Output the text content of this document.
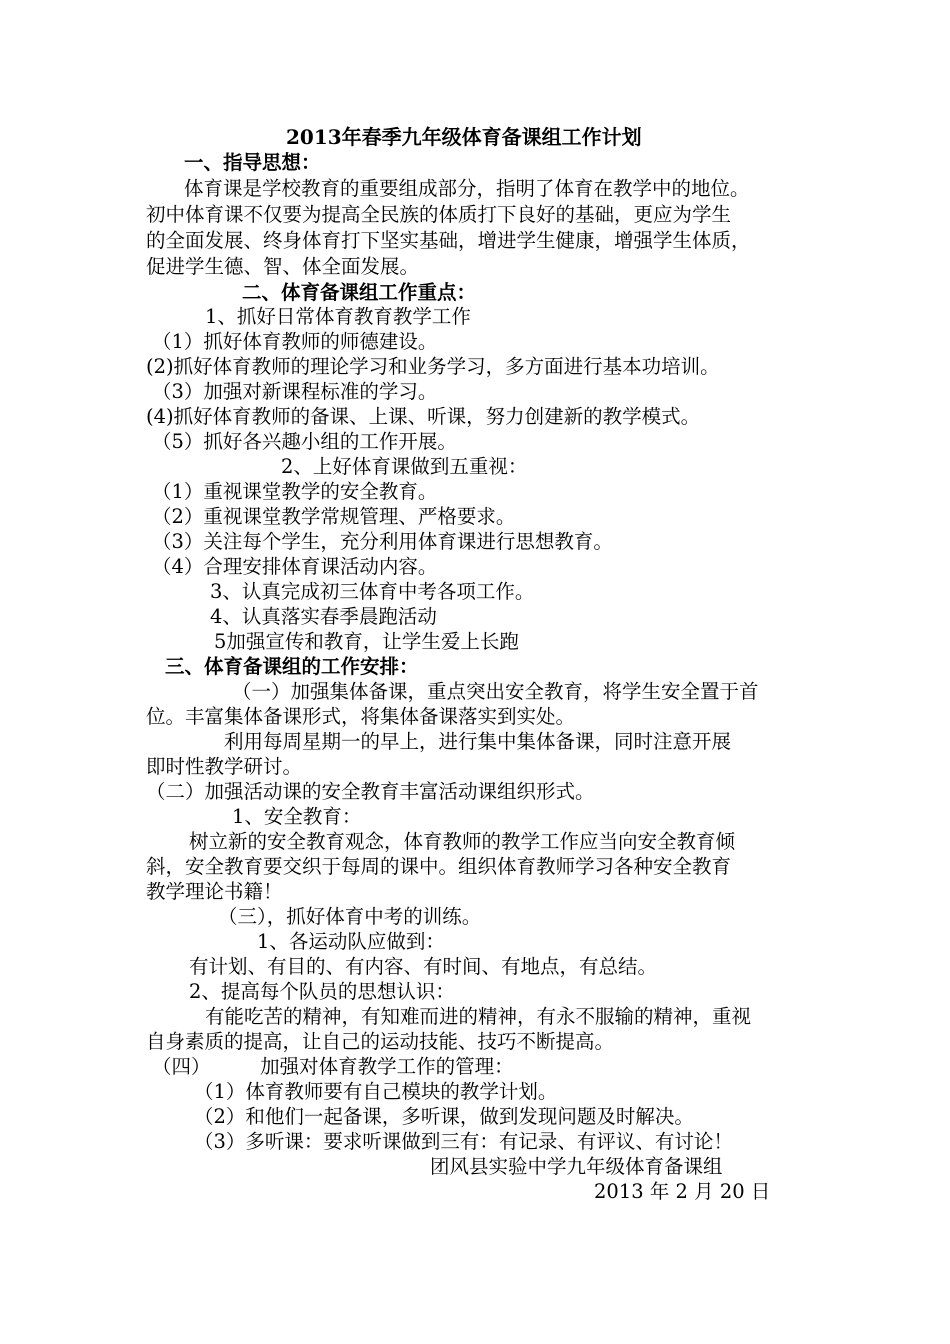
2013年春季九年级体育备课组工作计划
一、指导思想：
体育课是学校教育的重要组成部分，指明了体育在教学中的地位。
初中体育课不仅要为提高全民族的体质打下良好的基础，更应为学生
的全面发展、终身体育打下坚实基础，增进学生健康，增强学生体质，
促进学生德、智、体全面发展。
二、体育备课组工作重点：
1、抓好日常体育教育教学工作
（1）抓好体育教师的师德建设。
(2)抓好体育教师的理论学习和业务学习，多方面进行基本功培训。
（3）加强对新课程标准的学习。
(4)抓好体育教师的备课、上课、听课，努力创建新的教学模式。
（5）抓好各兴趣小组的工作开展。
2、上好体育课做到五重视：
（1）重视课堂教学的安全教育。
（2）重视课堂教学常规管理、严格要求。
（3）关注每个学生，充分利用体育课进行思想教育。
（4）合理安排体育课活动内容。
3、认真完成初三体育中考各项工作。
4、认真落实春季晨跑活动
5加强宣传和教育，让学生爱上长跑
三、体育备课组的工作安排：
（一）加强集体备课，重点突出安全教育，将学生安全置于首
位。丰富集体备课形式，将集体备课落实到实处。
利用每周星期一的早上，进行集中集体备课，同时注意开展
即时性教学研讨。
（二）加强活动课的安全教育丰富活动课组织形式。
1、安全教育：
树立新的安全教育观念，体育教师的教学工作应当向安全教育倾
斜，安全教育要交织于每周的课中。组织体育教师学习各种安全教育
教学理论书籍！
（三），抓好体育中考的训练。
1、各运动队应做到：
有计划、有目的、有内容、有时间、有地点，有总结。
2、提高每个队员的思想认识：
有能吃苦的精神，有知难而进的精神，有永不服输的精神，重视
自身素质的提高，让自己的运动技能、技巧不断提高。
（四）        加强对体育教学工作的管理：
（1）体育教师要有自己模块的教学计划。
（2）和他们一起备课，多听课，做到发现问题及时解决。
（3）多听课：要求听课做到三有：有记录、有评议、有讨论！
团风县实验中学九年级体育备课组
2013 年 2 月 20 日
